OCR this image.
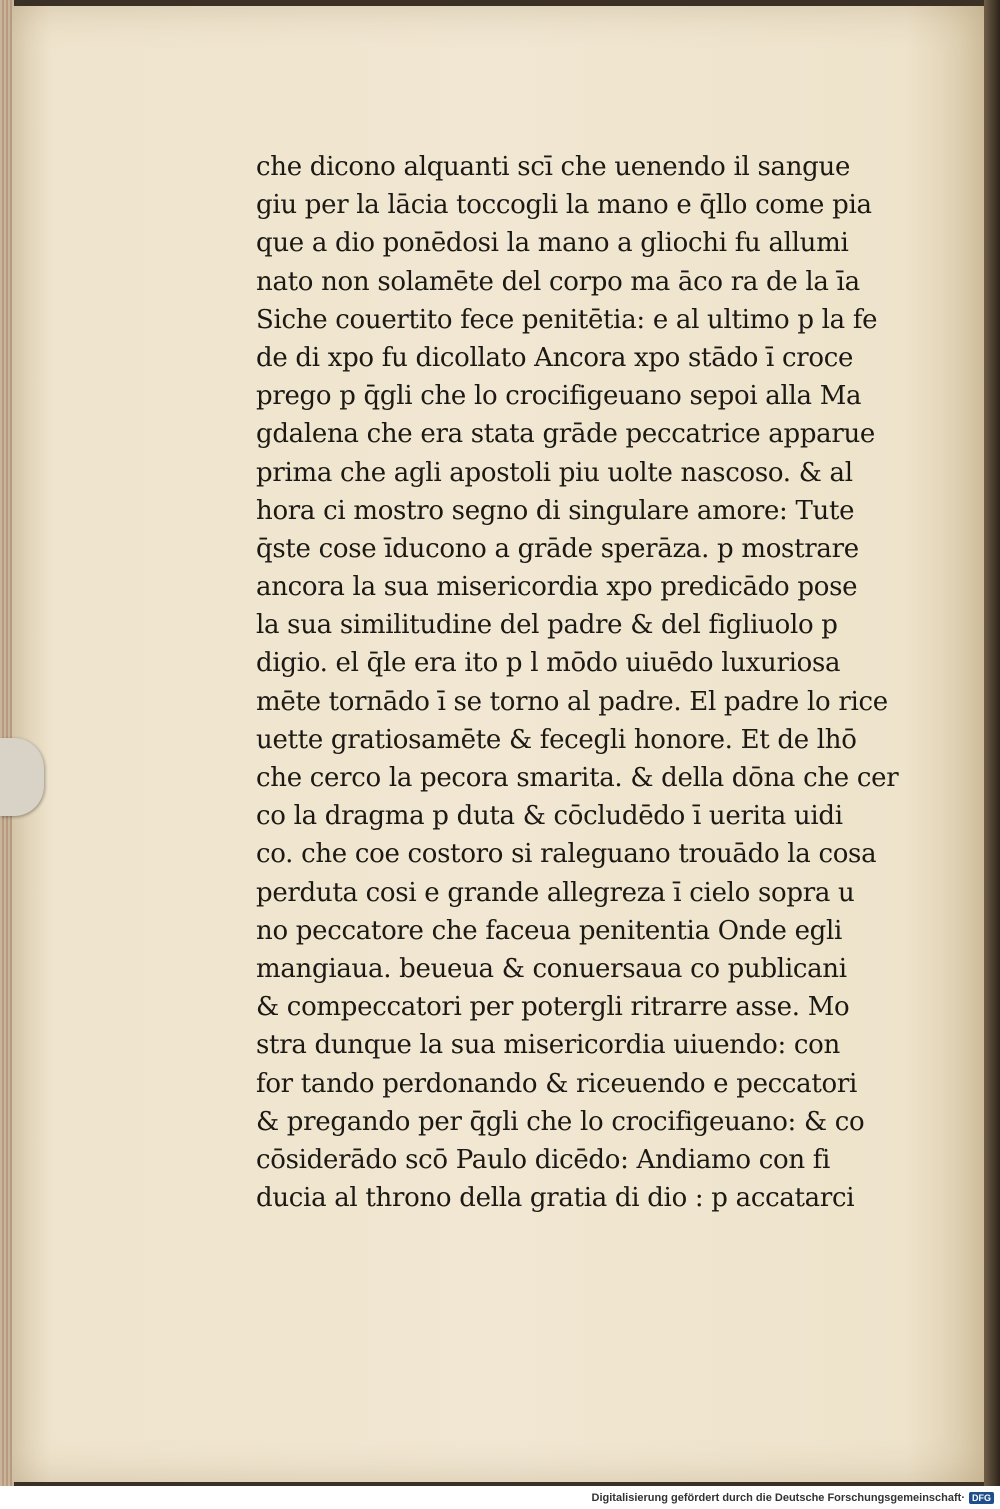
che dicono alquanti scī che uenendo il sangue
giu per la lācia toccogli la mano e q̄llo come pia
que a dio ponēdosi la mano a gliochi fu allumi
nato non solamēte del corpo ma āco ra de la īa
Siche couertito fece penitētia: e al ultimo p la fe
de di xpo fu dicollato Ancora xpo stādo ī croce
prego p q̄gli che lo crocifigeuano sepoi alla Ma
gdalena che era stata grāde peccatrice apparue
prima che agli apostoli piu uolte nascoso. & al
hora ci mostro segno di singulare amore: Tute
q̄ste cose īducono a grāde sperāza. p mostrare
ancora la sua misericordia xpo predicādo pose
la sua similitudine del padre & del figliuolo p
digio. el q̄le era ito p l mōdo uiuēdo luxuriosa
mēte tornādo ī se torno al padre. El padre lo rice
uette gratiosamēte & fecegli honore. Et de lhō
che cerco la pecora smarita. & della dōna che cer
co la dragma p duta & cōcludēdo ī uerita uidi
co. che coe costoro si raleguano trouādo la cosa
perduta cosi e grande allegreza ī cielo sopra u
no peccatore che faceua penitentia Onde egli
mangiaua. beueua & conuersaua co publicani
& compeccatori per potergli ritrarre asse. Mo
stra dunque la sua misericordia uiuendo: con
for tando perdonando & riceuendo e peccatori
& pregando per q̄gli che lo crocifigeuano: & co
cōsiderādo scō Paulo dicēdo: Andiamo con fi
ducia al throno della gratia di dio : p accatarci
Digitalisierung gefördert durch die Deutsche Forschungsgemeinschaft · DFG
